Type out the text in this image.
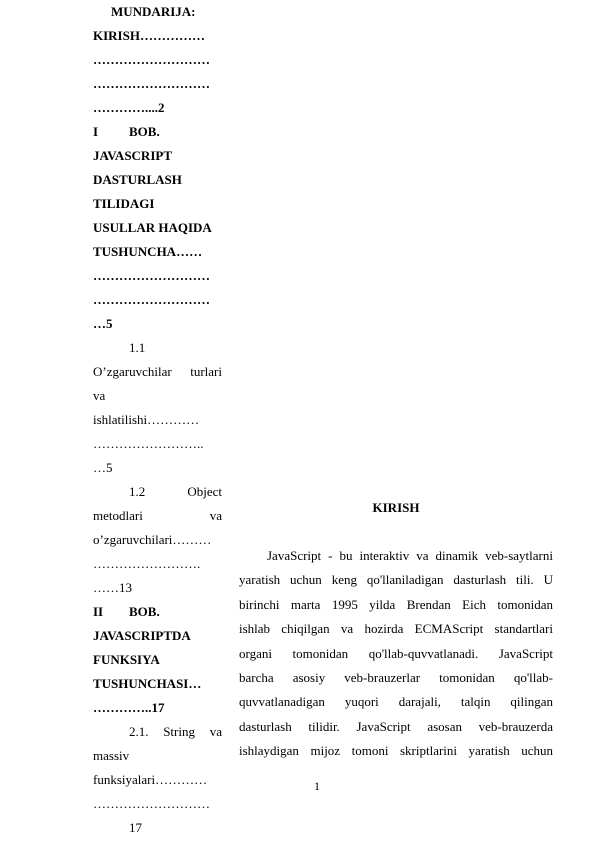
MUNDARIJA:
KIRISH……………
………………………
………………………
…………....2
I	BOB.
JAVASCRIPT
DASTURLASH
TILIDAGI
USULLAR HAQIDA
TUSHUNCHA……
………………………
………………………
…5
1.1
O’zgaruvchilar turlari
va
ishlatilishi…………
……………………..
…5
1.2	Object
metodlari	va
o’zgaruvchilari………
…………………….
……13
II	BOB.
JAVASCRIPTDA
FUNKSIYA
TUSHUNCHASI…
…………..17
2.1. String va
massiv
funksiyalari…………
………………………
17
KIRISH
JavaScript - bu interaktiv va dinamik veb-saytlarni
yaratish uchun keng qo'llaniladigan dasturlash tili. U
birinchi marta 1995 yilda Brendan Eich tomonidan
ishlab chiqilgan va hozirda ECMAScript standartlari
organi tomonidan qo'llab-quvvatlanadi. JavaScript
barcha asosiy veb-brauzerlar tomonidan qo'llab-
quvvatlanadigan yuqori darajali, talqin qilingan
dasturlash tilidir. JavaScript asosan veb-brauzerda
ishlaydigan mijoz tomoni skriptlarini yaratish uchun
1
